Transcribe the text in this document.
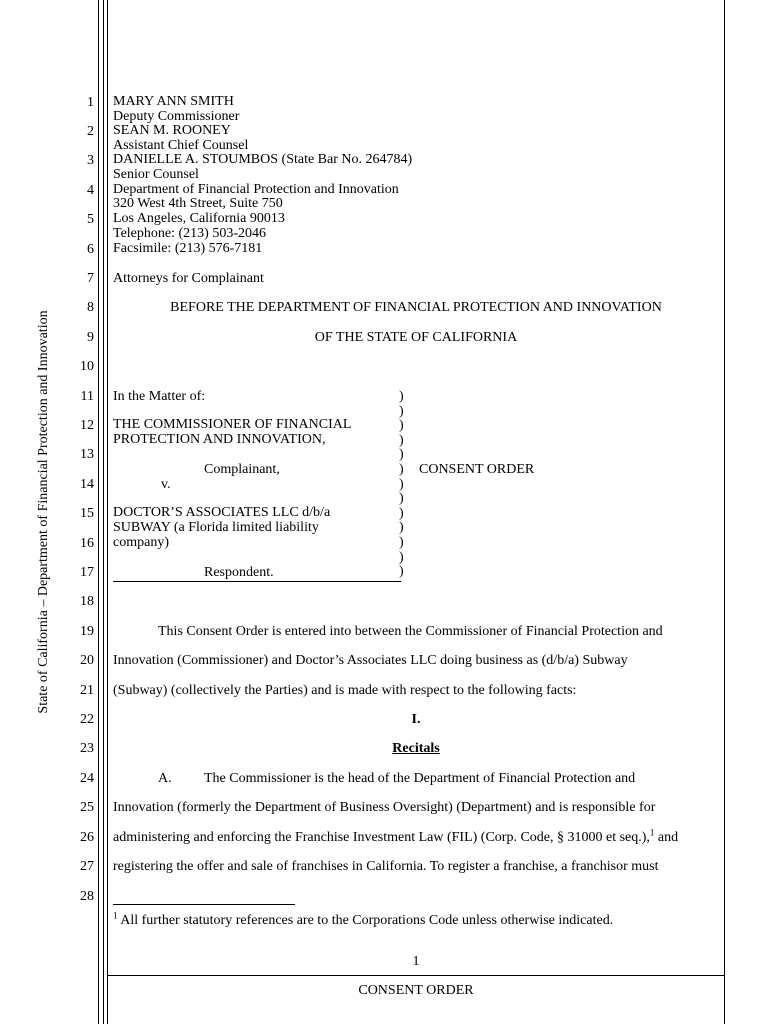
State of California – Department of Financial Protection and Innovation
1
2
3
4
5
6
7
8
9
10
11
12
13
14
15
16
17
18
19
20
21
22
23
24
25
26
27
28
MARY ANN SMITH
Deputy Commissioner
SEAN M. ROONEY
Assistant Chief Counsel
DANIELLE A. STOUMBOS (State Bar No. 264784)
Senior Counsel
Department of Financial Protection and Innovation
320 West 4th Street, Suite 750
Los Angeles, California 90013
Telephone: (213) 503-2046
Facsimile: (213) 576-7181
Attorneys for Complainant
BEFORE THE DEPARTMENT OF FINANCIAL PROTECTION AND INNOVATION
OF THE STATE OF CALIFORNIA
In the Matter of:
THE COMMISSIONER OF FINANCIAL
PROTECTION AND INNOVATION,
Complainant,
v.
DOCTOR’S ASSOCIATES LLC d/b/a
SUBWAY (a Florida limited liability
company)
Respondent.
)
)
)
)
)
)
)
)
)
)
)
)
)
CONSENT ORDER
This Consent Order is entered into between the Commissioner of Financial Protection and
Innovation (Commissioner) and Doctor’s Associates LLC doing business as (d/b/a) Subway
(Subway) (collectively the Parties) and is made with respect to the following facts:
I.
Recitals
A. The Commissioner is the head of the Department of Financial Protection and
Innovation (formerly the Department of Business Oversight) (Department) and is responsible for
administering and enforcing the Franchise Investment Law (FIL) (Corp. Code, § 31000 et seq.),$^1$ and
registering the offer and sale of franchises in California. To register a franchise, a franchisor must
$^1$ All further statutory references are to the Corporations Code unless otherwise indicated.
1
CONSENT ORDER
